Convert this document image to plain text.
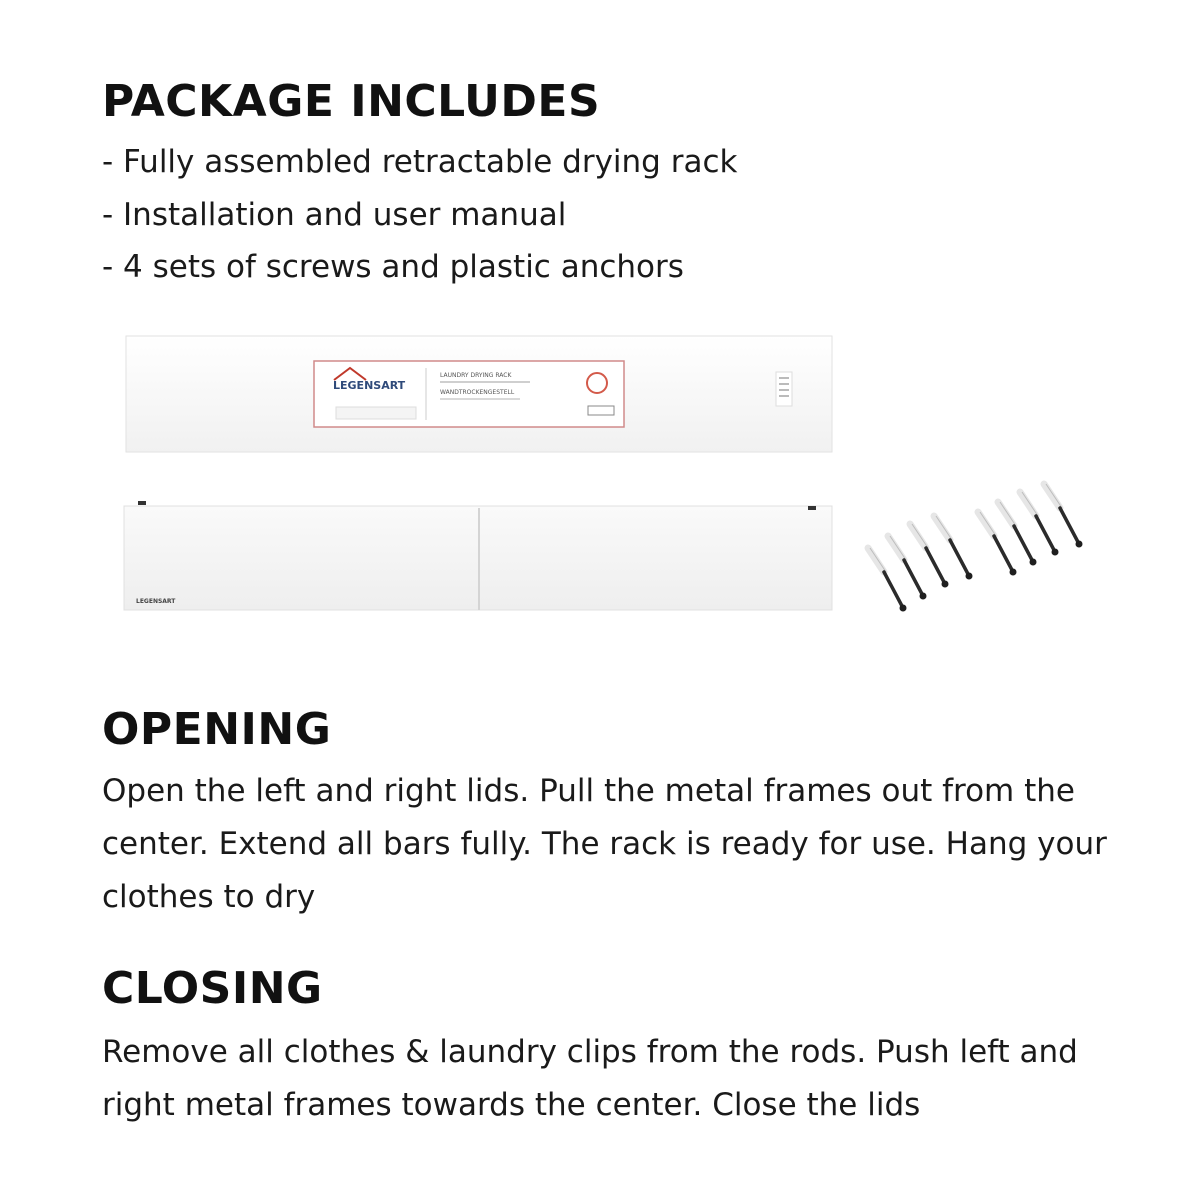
PACKAGE INCLUDES

- Fully assembled retractable drying rack

- Installation and user manual

- 4 sets of screws and plastic anchors

LEGENSART
LAUNDRY DRYING RACK
WANDTROCKENGESTELL
LEGENSART
OPENING

Open the left and right lids. Pull the metal frames out from the center. Extend all bars fully. The rack is ready for use. Hang your clothes to dry

CLOSING

Remove all clothes & laundry clips from the rods. Push left and right metal frames towards the center. Close the lids
